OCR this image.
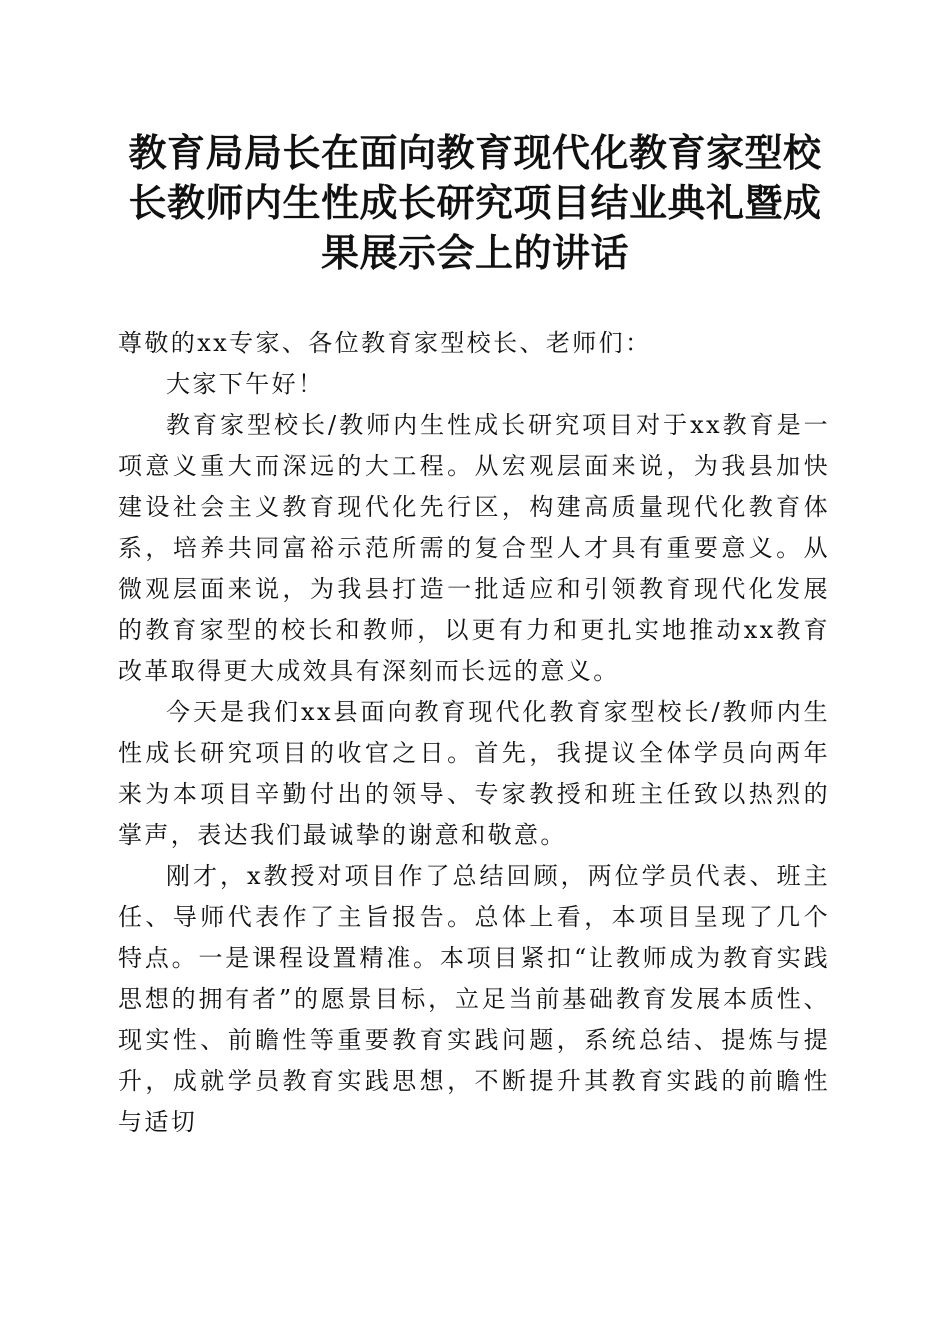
教育局局长在面向教育现代化教育家型校长教师内生性成长研究项目结业典礼暨成果展示会上的讲话

尊敬的xx专家、各位教育家型校长、老师们：

大家下午好！

教育家型校长/教师内生性成长研究项目对于xx教育是一项意义重大而深远的大工程。从宏观层面来说，为我县加快建设社会主义教育现代化先行区，构建高质量现代化教育体系，培养共同富裕示范所需的复合型人才具有重要意义。从微观层面来说，为我县打造一批适应和引领教育现代化发展的教育家型的校长和教师，以更有力和更扎实地推动xx教育改革取得更大成效具有深刻而长远的意义。

今天是我们xx县面向教育现代化教育家型校长/教师内生性成长研究项目的收官之日。首先，我提议全体学员向两年来为本项目辛勤付出的领导、专家教授和班主任致以热烈的掌声，表达我们最诚挚的谢意和敬意。

刚才，x教授对项目作了总结回顾，两位学员代表、班主任、导师代表作了主旨报告。总体上看，本项目呈现了几个特点。一是课程设置精准。本项目紧扣“让教师成为教育实践思想的拥有者”的愿景目标，立足当前基础教育发展本质性、现实性、前瞻性等重要教育实践问题，系统总结、提炼与提升，成就学员教育实践思想，不断提升其教育实践的前瞻性与适切
